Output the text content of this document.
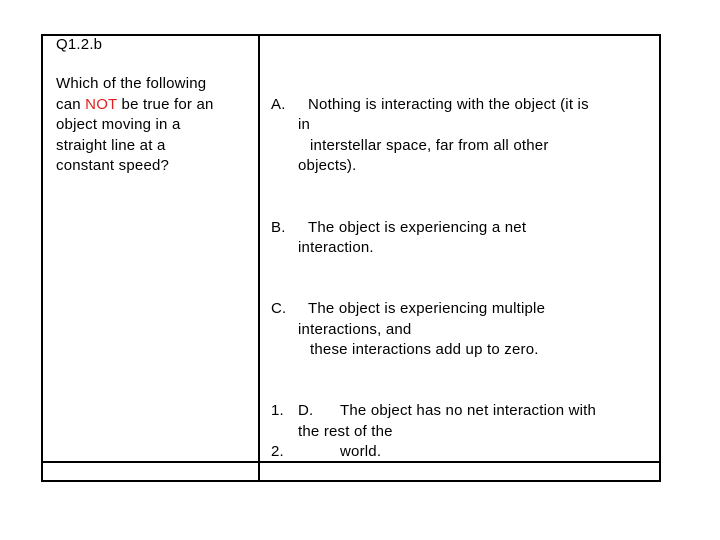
Q1.2.b
Which of the following
can NOT be true for an
object moving in a
straight line at a
constant speed?
A. Nothing is interacting with the object (it is
in
interstellar space, far from all other
objects).
B. The object is experiencing a net
interaction.
C. The object is experiencing multiple
interactions, and
these interactions add up to zero.
1. D. The object has no net interaction with
the rest of the
2.	world.
